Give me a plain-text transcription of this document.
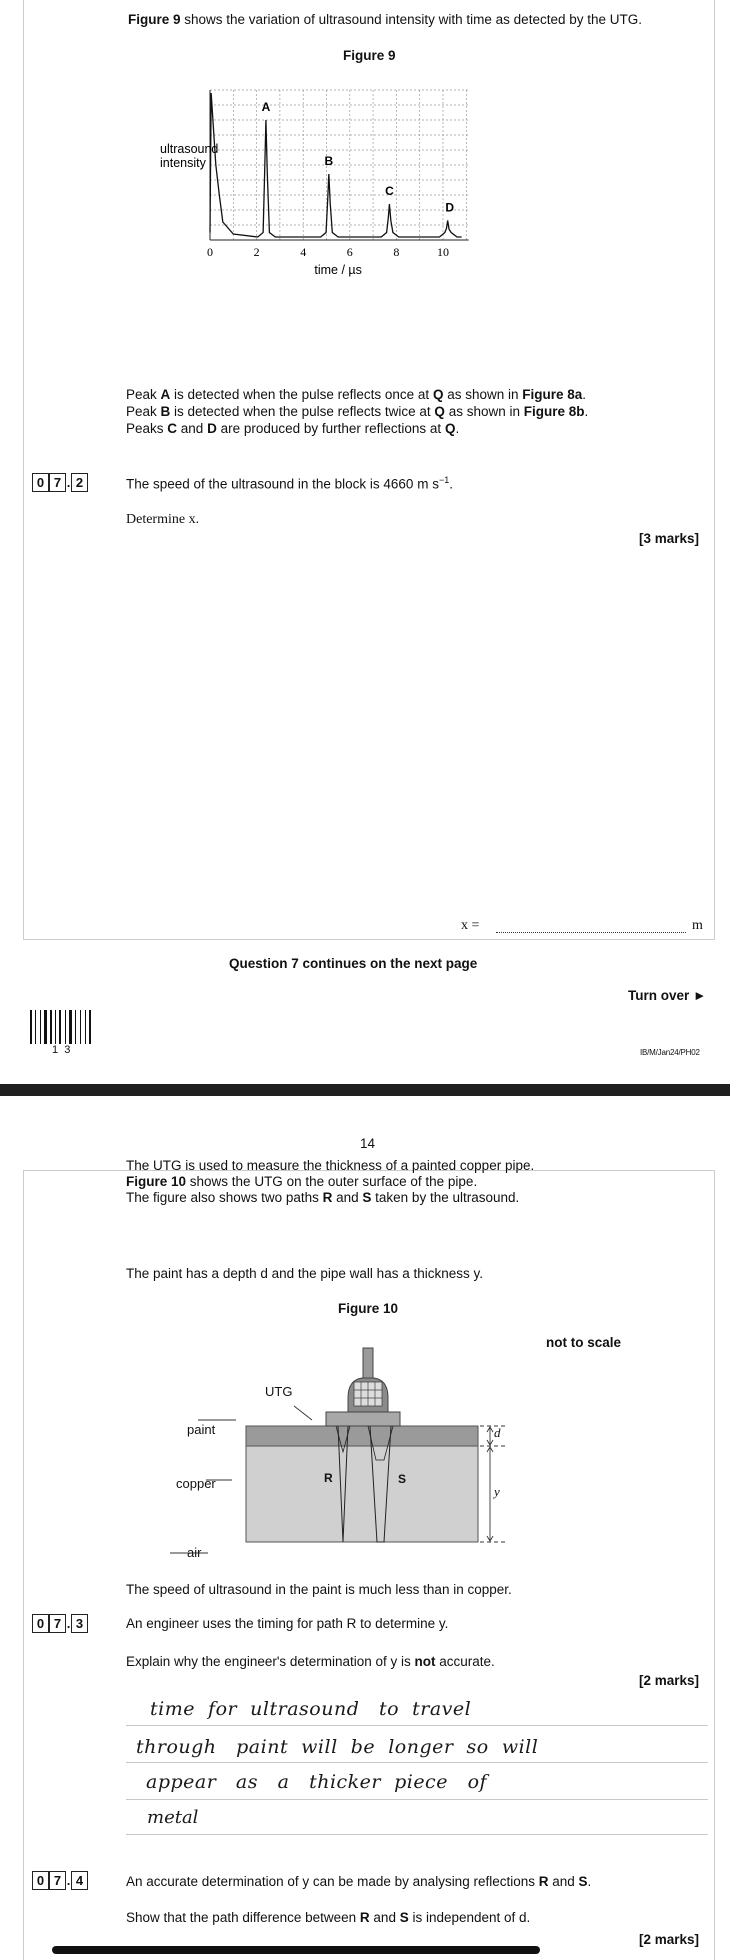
Figure 9 shows the variation of ultrasound intensity with time as detected by the UTG.
Figure 9
0	2	4	6	8	10
A
B
C
D
ultrasound
intensity
time / µs
Peak A is detected when the pulse reflects once at Q as shown in Figure 8a.
Peak B is detected when the pulse reflects twice at Q as shown in Figure 8b.
Peaks C and D are produced by further reflections at Q.
0 7 . 2	The speed of the ultrasound in the block is 4660 m $s^{-1}$.
Determine x.
[3 marks]
x =	m
Question 7 continues on the next page
Turn over ►
1  3	IB/M/Jan24/PH02
14
The UTG is used to measure the thickness of a painted copper pipe.
Figure 10 shows the UTG on the outer surface of the pipe.
The figure also shows two paths R and S taken by the ultrasound.
The paint has a depth d and the pipe wall has a thickness y.
Figure 10
not to scale
UTG
paint
copper
air
R	S
d
y
The speed of ultrasound in the paint is much less than in copper.
0 7 . 3	An engineer uses the timing for path R to determine y.
Explain why the engineer's determination of y is not accurate.
[2 marks]
time  for  ultrasound   to  travel
through   paint  will  be  longer  so  will
appear   as   a   thicker  piece   of
metal
0 7 . 4	An accurate determination of y can be made by analysing reflections R and S.
Show that the path difference between R and S is independent of d.
[2 marks]
